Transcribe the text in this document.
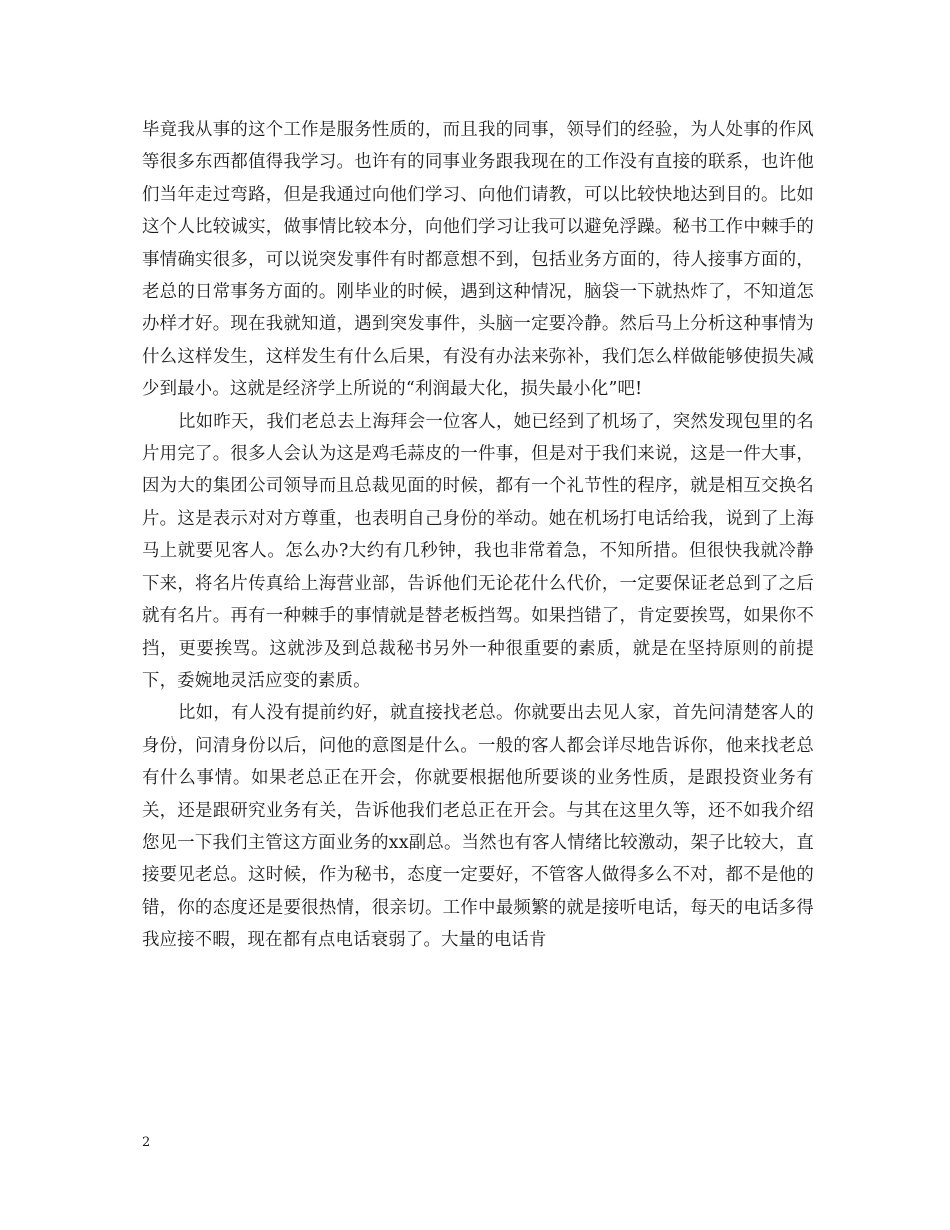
毕竟我从事的这个工作是服务性质的，而且我的同事，领导们的经验，为人处事的作风等很多东西都值得我学习。也许有的同事业务跟我现在的工作没有直接的联系，也许他们当年走过弯路，但是我通过向他们学习、向他们请教，可以比较快地达到目的。比如这个人比较诚实，做事情比较本分，向他们学习让我可以避免浮躁。秘书工作中棘手的事情确实很多，可以说突发事件有时都意想不到，包括业务方面的，待人接事方面的，老总的日常事务方面的。刚毕业的时候，遇到这种情况，脑袋一下就热炸了，不知道怎办样才好。现在我就知道，遇到突发事件，头脑一定要冷静。然后马上分析这种事情为什么这样发生，这样发生有什么后果，有没有办法来弥补，我们怎么样做能够使损失减少到最小。这就是经济学上所说的“利润最大化，损失最小化”吧!

比如昨天，我们老总去上海拜会一位客人，她已经到了机场了，突然发现包里的名片用完了。很多人会认为这是鸡毛蒜皮的一件事，但是对于我们来说，这是一件大事，因为大的集团公司领导而且总裁见面的时候，都有一个礼节性的程序，就是相互交换名片。这是表示对对方尊重，也表明自己身份的举动。她在机场打电话给我，说到了上海马上就要见客人。怎么办?大约有几秒钟，我也非常着急，不知所措。但很快我就冷静下来，将名片传真给上海营业部，告诉他们无论花什么代价，一定要保证老总到了之后就有名片。再有一种棘手的事情就是替老板挡驾。如果挡错了，肯定要挨骂，如果你不挡，更要挨骂。这就涉及到总裁秘书另外一种很重要的素质，就是在坚持原则的前提下，委婉地灵活应变的素质。

比如，有人没有提前约好，就直接找老总。你就要出去见人家，首先问清楚客人的身份，问清身份以后，问他的意图是什么。一般的客人都会详尽地告诉你，他来找老总有什么事情。如果老总正在开会，你就要根据他所要谈的业务性质，是跟投资业务有关，还是跟研究业务有关，告诉他我们老总正在开会。与其在这里久等，还不如我介绍您见一下我们主管这方面业务的xx副总。当然也有客人情绪比较激动，架子比较大，直接要见老总。这时候，作为秘书，态度一定要好，不管客人做得多么不对，都不是他的错，你的态度还是要很热情，很亲切。工作中最频繁的就是接听电话，每天的电话多得我应接不暇，现在都有点电话衰弱了。大量的电话肯

2
